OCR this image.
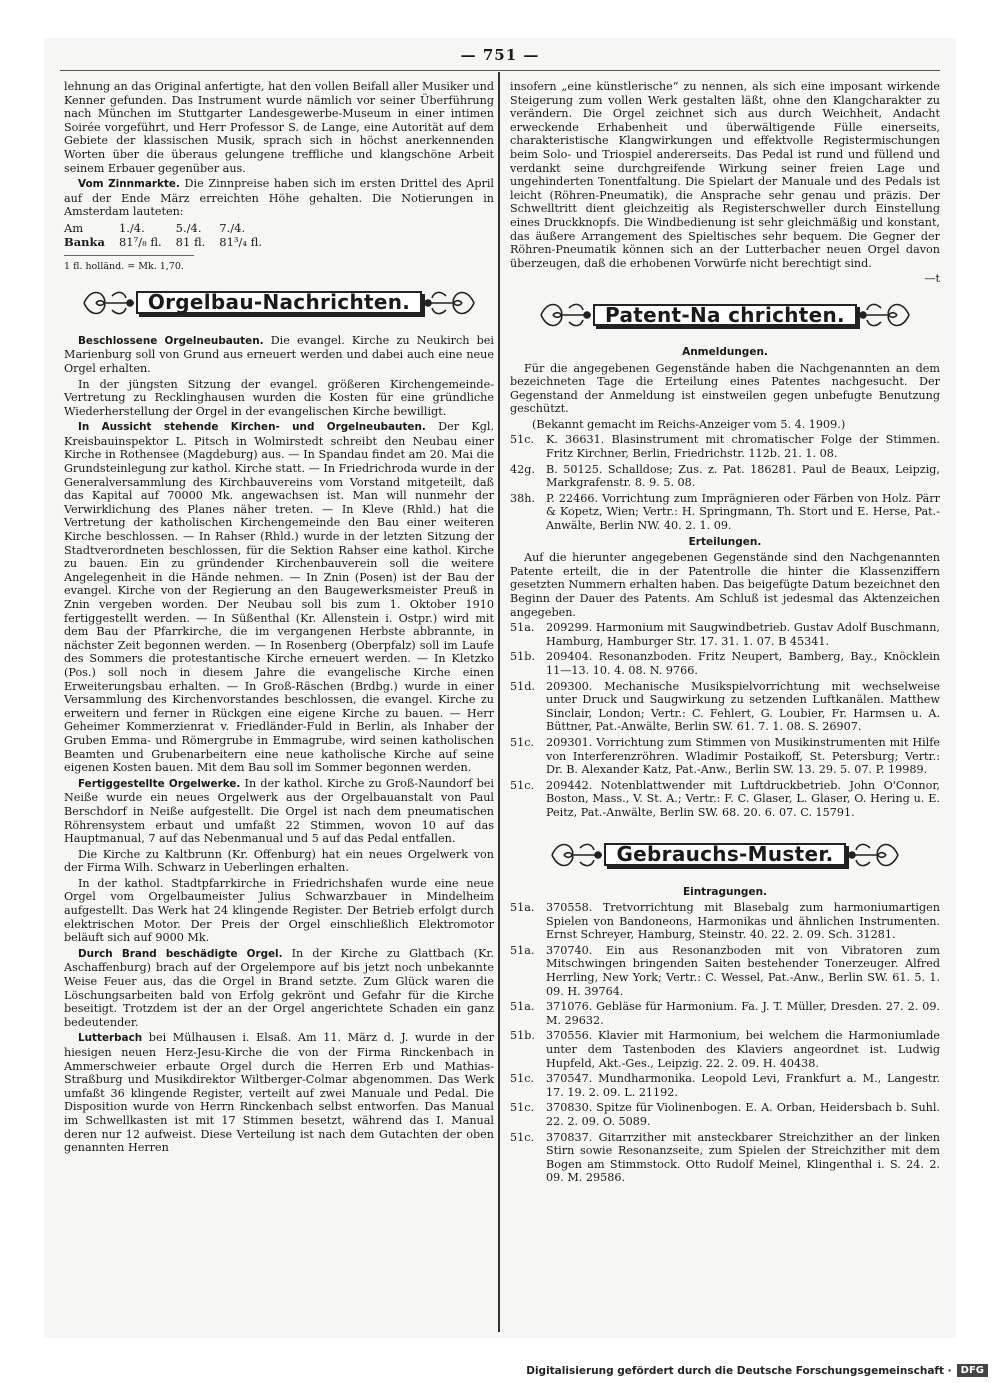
— 751 —

lehnung an das Original anfertigte, hat den vollen Beifall aller Musiker und Kenner gefunden. Das Instrument wurde nämlich vor seiner Überführung nach München im Stuttgarter Landesgewerbe-Museum in einer intimen Soirée vorgeführt, und Herr Professor S. de Lange, eine Autorität auf dem Gebiete der klassischen Musik, sprach sich in höchst anerkennenden Worten über die überaus gelungene treffliche und klangschöne Arbeit seinem Erbauer gegenüber aus.

Vom Zinnmarkte. Die Zinnpreise haben sich im ersten Drittel des April auf der Ende März erreichten Höhe gehalten. Die Notierungen in Amsterdam lauteten:

Am	1./4.	5./4.	7./4.
Banka	81⁷/₈ fl.	81 fl.	81³/₄ fl.
1 fl. holländ. = Mk. 1,70.
Orgelbau-Nachrichten.

Beschlossene Orgelneubauten. Die evangel. Kirche zu Neukirch bei Marienburg soll von Grund aus erneuert werden und dabei auch eine neue Orgel erhalten.

In der jüngsten Sitzung der evangel. größeren Kirchengemeinde-Vertretung zu Recklinghausen wurden die Kosten für eine gründliche Wiederherstellung der Orgel in der evangelischen Kirche bewilligt.

In Aussicht stehende Kirchen- und Orgelneubauten. Der Kgl. Kreisbauinspektor L. Pitsch in Wolmirstedt schreibt den Neubau einer Kirche in Rothensee (Magdeburg) aus. — In Spandau findet am 20. Mai die Grundsteinlegung zur kathol. Kirche statt. — In Friedrichroda wurde in der Generalversammlung des Kirchbauvereins vom Vorstand mitgeteilt, daß das Kapital auf 70000 Mk. angewachsen ist. Man will nunmehr der Verwirklichung des Planes näher treten. — In Kleve (Rhld.) hat die Vertretung der katholischen Kirchengemeinde den Bau einer weiteren Kirche beschlossen. — In Rahser (Rhld.) wurde in der letzten Sitzung der Stadtverordneten beschlossen, für die Sektion Rahser eine kathol. Kirche zu bauen. Ein zu gründender Kirchenbauverein soll die weitere Angelegenheit in die Hände nehmen. — In Znin (Posen) ist der Bau der evangel. Kirche von der Regierung an den Baugewerksmeister Preuß in Znin vergeben worden. Der Neubau soll bis zum 1. Oktober 1910 fertiggestellt werden. — In Süßenthal (Kr. Allenstein i. Ostpr.) wird mit dem Bau der Pfarrkirche, die im vergangenen Herbste abbrannte, in nächster Zeit begonnen werden. — In Rosenberg (Oberpfalz) soll im Laufe des Sommers die protestantische Kirche erneuert werden. — In Kletzko (Pos.) soll noch in diesem Jahre die evangelische Kirche einen Erweiterungsbau erhalten. — In Groß-Räschen (Brdbg.) wurde in einer Versammlung des Kirchenvorstandes beschlossen, die evangel. Kirche zu erweitern und ferner in Rückgen eine eigene Kirche zu bauen. — Herr Geheimer Kommerzienrat v. Friedländer-Fuld in Berlin, als Inhaber der Gruben Emma- und Römergrube in Emmagrube, wird seinen katholischen Beamten und Grubenarbeitern eine neue katholische Kirche auf seine eigenen Kosten bauen. Mit dem Bau soll im Sommer begonnen werden.

Fertiggestellte Orgelwerke. In der kathol. Kirche zu Groß-Naundorf bei Neiße wurde ein neues Orgelwerk aus der Orgelbauanstalt von Paul Berschdorf in Neiße aufgestellt. Die Orgel ist nach dem pneumatischen Röhrensystem erbaut und umfaßt 22 Stimmen, wovon 10 auf das Hauptmanual, 7 auf das Nebenmanual und 5 auf das Pedal entfallen.

Die Kirche zu Kaltbrunn (Kr. Offenburg) hat ein neues Orgelwerk von der Firma Wilh. Schwarz in Ueberlingen erhalten.

In der kathol. Stadtpfarrkirche in Friedrichshafen wurde eine neue Orgel vom Orgelbaumeister Julius Schwarzbauer in Mindelheim aufgestellt. Das Werk hat 24 klingende Register. Der Betrieb erfolgt durch elektrischen Motor. Der Preis der Orgel einschließlich Elektromotor beläuft sich auf 9000 Mk.

Durch Brand beschädigte Orgel. In der Kirche zu Glattbach (Kr. Aschaffenburg) brach auf der Orgelempore auf bis jetzt noch unbekannte Weise Feuer aus, das die Orgel in Brand setzte. Zum Glück waren die Löschungsarbeiten bald von Erfolg gekrönt und Gefahr für die Kirche beseitigt. Trotzdem ist der an der Orgel angerichtete Schaden ein ganz bedeutender.

Lutterbach bei Mülhausen i. Elsaß. Am 11. März d. J. wurde in der hiesigen neuen Herz-Jesu-Kirche die von der Firma Rinckenbach in Ammerschweier erbaute Orgel durch die Herren Erb und Mathias-Straßburg und Musikdirektor Wiltberger-Colmar abgenommen. Das Werk umfaßt 36 klingende Register, verteilt auf zwei Manuale und Pedal. Die Disposition wurde von Herrn Rinckenbach selbst entworfen. Das Manual im Schwellkasten ist mit 17 Stimmen besetzt, während das I. Manual deren nur 12 aufweist. Diese Verteilung ist nach dem Gutachten der oben genannten Herren

insofern „eine künstlerische“ zu nennen, als sich eine imposant wirkende Steigerung zum vollen Werk gestalten läßt, ohne den Klangcharakter zu verändern. Die Orgel zeichnet sich aus durch Weichheit, Andacht erweckende Erhabenheit und überwältigende Fülle einerseits, charakteristische Klangwirkungen und effektvolle Registermischungen beim Solo- und Triospiel andererseits. Das Pedal ist rund und füllend und verdankt seine durchgreifende Wirkung seiner freien Lage und ungehinderten Tonentfaltung. Die Spielart der Manuale und des Pedals ist leicht (Röhren-Pneumatik), die Ansprache sehr genau und präzis. Der Schwelltritt dient gleichzeitig als Registerschweller durch Einstellung eines Druckknopfs. Die Windbedienung ist sehr gleichmäßig und konstant, das äußere Arrangement des Spieltisches sehr bequem. Die Gegner der Röhren-Pneumatik können sich an der Lutterbacher neuen Orgel davon überzeugen, daß die erhobenen Vorwürfe nicht berechtigt sind.

—t

Patent-Na chrichten.

Anmeldungen.

Für die angegebenen Gegenstände haben die Nachgenannten an dem bezeichneten Tage die Erteilung eines Patentes nachgesucht. Der Gegenstand der Anmeldung ist einstweilen gegen unbefugte Benutzung geschützt.

(Bekannt gemacht im Reichs-Anzeiger vom 5. 4. 1909.)

51c. K. 36631. Blasinstrument mit chromatischer Folge der Stimmen. Fritz Kirchner, Berlin, Friedrichstr. 112b. 21. 1. 08.

42g. B. 50125. Schalldose; Zus. z. Pat. 186281. Paul de Beaux, Leipzig, Markgrafenstr. 8. 9. 5. 08.

38h. P. 22466. Vorrichtung zum Imprägnieren oder Färben von Holz. Pärr & Kopetz, Wien; Vertr.: H. Springmann, Th. Stort und E. Herse, Pat.-Anwälte, Berlin NW. 40. 2. 1. 09.

Erteilungen.

Auf die hierunter angegebenen Gegenstände sind den Nachgenannten Patente erteilt, die in der Patentrolle die hinter die Klassenziffern gesetzten Nummern erhalten haben. Das beigefügte Datum bezeichnet den Beginn der Dauer des Patents. Am Schluß ist jedesmal das Aktenzeichen angegeben.

51a. 209299. Harmonium mit Saugwindbetrieb. Gustav Adolf Buschmann, Hamburg, Hamburger Str. 17. 31. 1. 07. B 45341.

51b. 209404. Resonanzboden. Fritz Neupert, Bamberg, Bay., Knöcklein 11—13. 10. 4. 08. N. 9766.

51d. 209300. Mechanische Musikspielvorrichtung mit wechselweise unter Druck und Saugwirkung zu setzenden Luftkanälen. Matthew Sinclair, London; Vertr.: C. Fehlert, G. Loubier, Fr. Harmsen u. A. Büttner, Pat.-Anwälte, Berlin SW. 61. 7. 1. 08. S. 26907.

51c. 209301. Vorrichtung zum Stimmen von Musikinstrumenten mit Hilfe von Interferenzröhren. Wladimir Postaikoff, St. Petersburg; Vertr.: Dr. B. Alexander Katz, Pat.-Anw., Berlin SW. 13. 29. 5. 07. P. 19989.

51c. 209442. Notenblattwender mit Luftdruckbetrieb. John O'Connor, Boston, Mass., V. St. A.; Vertr.: F. C. Glaser, L. Glaser, O. Hering u. E. Peitz, Pat.-Anwälte, Berlin SW. 68. 20. 6. 07. C. 15791.

Gebrauchs-Muster.

Eintragungen.

51a. 370558. Tretvorrichtung mit Blasebalg zum harmoniumartigen Spielen von Bandoneons, Harmonikas und ähnlichen Instrumenten. Ernst Schreyer, Hamburg, Steinstr. 40. 22. 2. 09. Sch. 31281.

51a. 370740. Ein aus Resonanzboden mit von Vibratoren zum Mitschwingen bringenden Saiten bestehender Tonerzeuger. Alfred Herrling, New York; Vertr.: C. Wessel, Pat.-Anw., Berlin SW. 61. 5. 1. 09. H. 39764.

51a. 371076. Gebläse für Harmonium. Fa. J. T. Müller, Dresden. 27. 2. 09. M. 29632.

51b. 370556. Klavier mit Harmonium, bei welchem die Harmoniumlade unter dem Tastenboden des Klaviers angeordnet ist. Ludwig Hupfeld, Akt.-Ges., Leipzig. 22. 2. 09. H. 40438.

51c. 370547. Mundharmonika. Leopold Levi, Frankfurt a. M., Langestr. 17. 19. 2. 09. L. 21192.

51c. 370830. Spitze für Violinenbogen. E. A. Orban, Heidersbach b. Suhl. 22. 2. 09. O. 5089.

51c. 370837. Gitarrzither mit ansteckbarer Streichzither an der linken Stirn sowie Resonanzseite, zum Spielen der Streichzither mit dem Bogen am Stimmstock. Otto Rudolf Meinel, Klingenthal i. S. 24. 2. 09. M. 29586.

Digitalisierung gefördert durch die Deutsche Forschungsgemeinschaft · DFG
